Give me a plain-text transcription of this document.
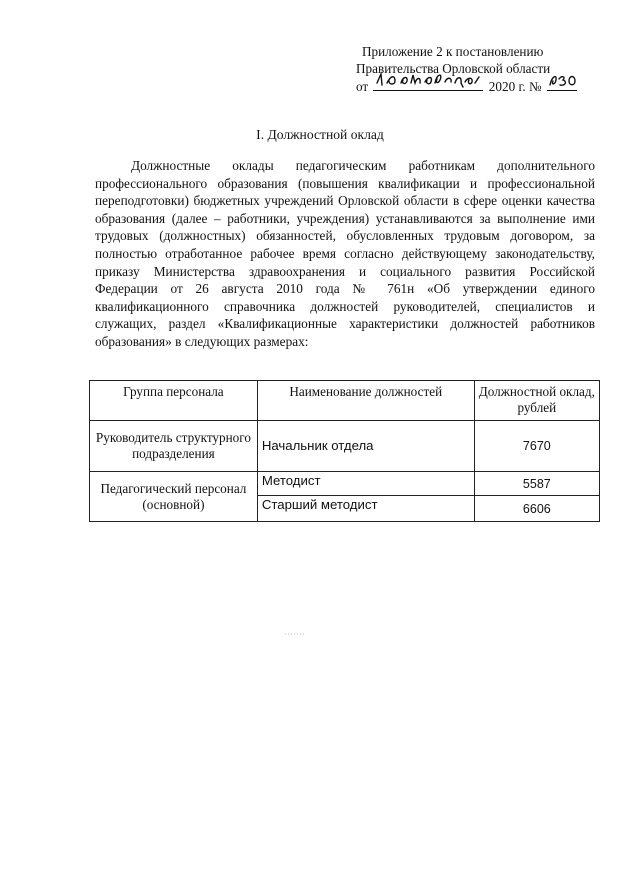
Приложение 2 к постановлению
Правительства Орловской области
от	2020 г. №
I. Должностной оклад

Должностные оклады педагогическим работникам дополнительного профессионального образования (повышения квалификации и профессиональной переподготовки) бюджетных учреждений Орловской области в сфере оценки качества образования (далее – работники, учреждения) устанавливаются за выполнение ими трудовых (должностных) обязанностей, обусловленных трудовым договором, за полностью отработанное рабочее время согласно действующему законодательству, приказу Министерства здравоохранения и социального развития Российской Федерации от 26 августа 2010 года № 761н «Об утверждении единого квалификационного справочника должностей руководителей, специалистов и служащих, раздел «Квалификационные характеристики должностей работников образования» в следующих размерах:

Группа персонала	Наименование должностей	Должностной оклад, рублей
Руководитель структурного подразделения	Начальник отдела	7670
Педагогический персонал (основной)	Методист	5587
	Старший методист	6606
